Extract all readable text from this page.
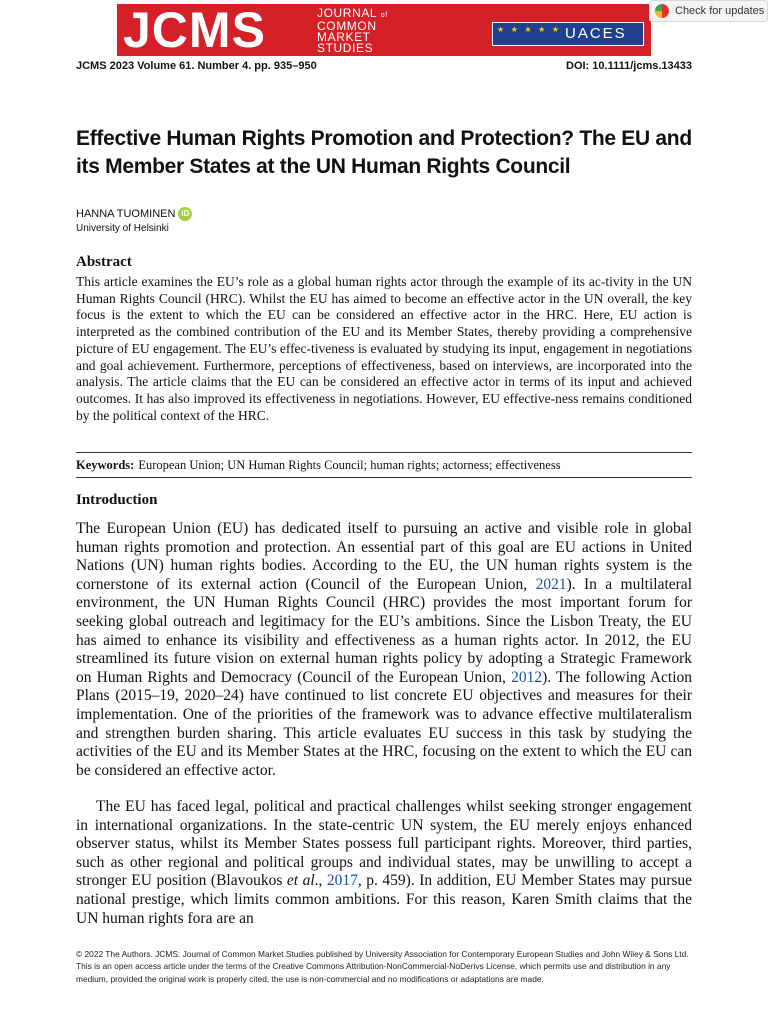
JCMS	JOURNAL of
COMMON
MARKET
STUDIES
★ ★ ★ ★ ★ UACES
Check for updates
JCMS 2023 Volume 61. Number 4. pp. 935–950	DOI: 10.1111/jcms.13433
Effective Human Rights Promotion and Protection? The EU and its Member States at the UN Human Rights Council
HANNA TUOMINEN iD
University of Helsinki
Abstract

This article examines the EU’s role as a global human rights actor through the example of its ac-tivity in the UN Human Rights Council (HRC). Whilst the EU has aimed to become an effective actor in the UN overall, the key focus is the extent to which the EU can be considered an effective actor in the HRC. Here, EU action is interpreted as the combined contribution of the EU and its Member States, thereby providing a comprehensive picture of EU engagement. The EU’s effec-tiveness is evaluated by studying its input, engagement in negotiations and goal achievement. Furthermore, perceptions of effectiveness, based on interviews, are incorporated into the analysis. The article claims that the EU can be considered an effective actor in terms of its input and achieved outcomes. It has also improved its effectiveness in negotiations. However, EU effective-ness remains conditioned by the political context of the HRC.

Keywords: European Union; UN Human Rights Council; human rights; actorness; effectiveness
Introduction

The European Union (EU) has dedicated itself to pursuing an active and visible role in global human rights promotion and protection. An essential part of this goal are EU actions in United Nations (UN) human rights bodies. According to the EU, the UN human rights system is the cornerstone of its external action (Council of the European Union, 2021). In a multilateral environment, the UN Human Rights Council (HRC) provides the most important forum for seeking global outreach and legitimacy for the EU’s ambitions. Since the Lisbon Treaty, the EU has aimed to enhance its visibility and effectiveness as a human rights actor. In 2012, the EU streamlined its future vision on external human rights policy by adopting a Strategic Framework on Human Rights and Democracy (Council of the European Union, 2012). The following Action Plans (2015–19, 2020–24) have continued to list concrete EU objectives and measures for their implementation. One of the priorities of the framework was to advance effective multilateralism and strengthen burden sharing. This article evaluates EU success in this task by studying the activities of the EU and its Member States at the HRC, focusing on the extent to which the EU can be considered an effective actor.

The EU has faced legal, political and practical challenges whilst seeking stronger engagement in international organizations. In the state-centric UN system, the EU merely enjoys enhanced observer status, whilst its Member States possess full participant rights. Moreover, third parties, such as other regional and political groups and individual states, may be unwilling to accept a stronger EU position (Blavoukos et al., 2017, p. 459). In addition, EU Member States may pursue national prestige, which limits common ambitions. For this reason, Karen Smith claims that the UN human rights fora are an

© 2022 The Authors. JCMS: Journal of Common Market Studies published by University Association for Contemporary European Studies and John Wiley & Sons Ltd.

This is an open access article under the terms of the Creative Commons Attribution-NonCommercial-NoDerivs License, which permits use and distribution in any medium, provided the original work is properly cited, the use is non-commercial and no modifications or adaptations are made.
